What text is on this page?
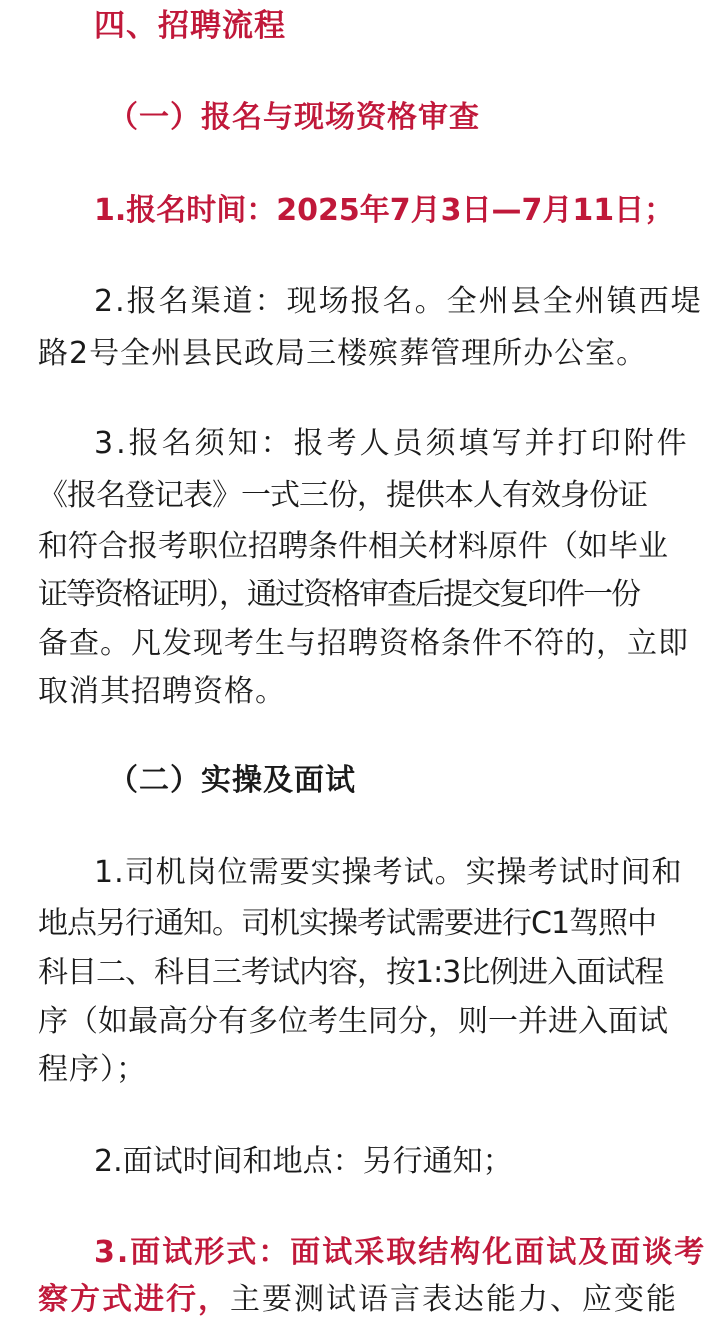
四、招聘流程
（一）报名与现场资格审查
1.报名时间：2025年7月3日—7月11日；
2.报名渠道：现场报名。全州县全州镇西堤
路2号全州县民政局三楼殡葬管理所办公室。
3.报名须知：报考人员须填写并打印附件
《报名登记表》一式三份，提供本人有效身份证
和符合报考职位招聘条件相关材料原件（如毕业
证等资格证明），通过资格审查后提交复印件一份
备查。凡发现考生与招聘资格条件不符的，立即
取消其招聘资格。
（二）实操及面试
1.司机岗位需要实操考试。实操考试时间和
地点另行通知。司机实操考试需要进行C1驾照中
科目二、科目三考试内容，按1:3比例进入面试程
序（如最高分有多位考生同分，则一并进入面试
程序）；
2.面试时间和地点：另行通知；
3.面试形式：面试采取结构化面试及面谈考
察方式进行，主要测试语言表达能力、应变能
